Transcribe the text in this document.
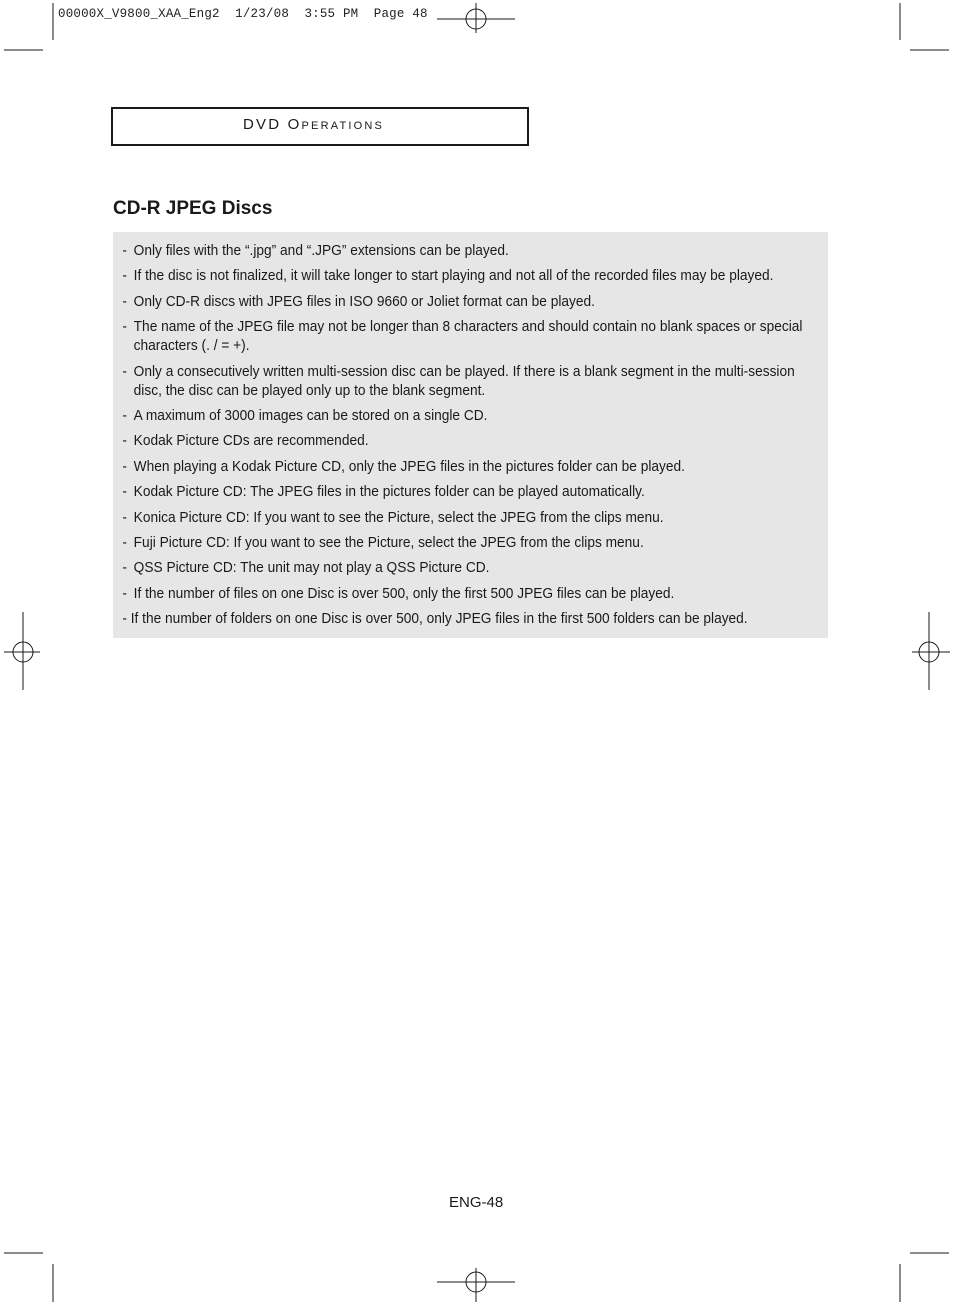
00000X_V9800_XAA_Eng2  1/23/08  3:55 PM  Page 48
DVD Operations
CD-R JPEG Discs
- Only files with the “.jpg” and “.JPG” extensions can be played.
- If the disc is not finalized, it will take longer to start playing and not all of the recorded files may be played.
- Only CD-R discs with JPEG files in ISO 9660 or Joliet format can be played.
- The name of the JPEG file may not be longer than 8 characters and should contain no blank spaces or special characters (. / = +).
- Only a consecutively written multi-session disc can be played. If there is a blank segment in the multi-session disc, the disc can be played only up to the blank segment.
- A maximum of 3000 images can be stored on a single CD.
- Kodak Picture CDs are recommended.
- When playing a Kodak Picture CD, only the JPEG files in the pictures folder can be played.
- Kodak Picture CD: The JPEG files in the pictures folder can be played automatically.
- Konica Picture CD: If you want to see the Picture, select the JPEG from the clips menu.
- Fuji Picture CD: If you want to see the Picture, select the JPEG from the clips menu.
- QSS Picture CD: The unit may not play a QSS Picture CD.
- If the number of files on one Disc is over 500, only the first 500 JPEG files can be played.
- If the number of folders on one Disc is over 500, only JPEG files in the first 500 folders can be played.
ENG-48
